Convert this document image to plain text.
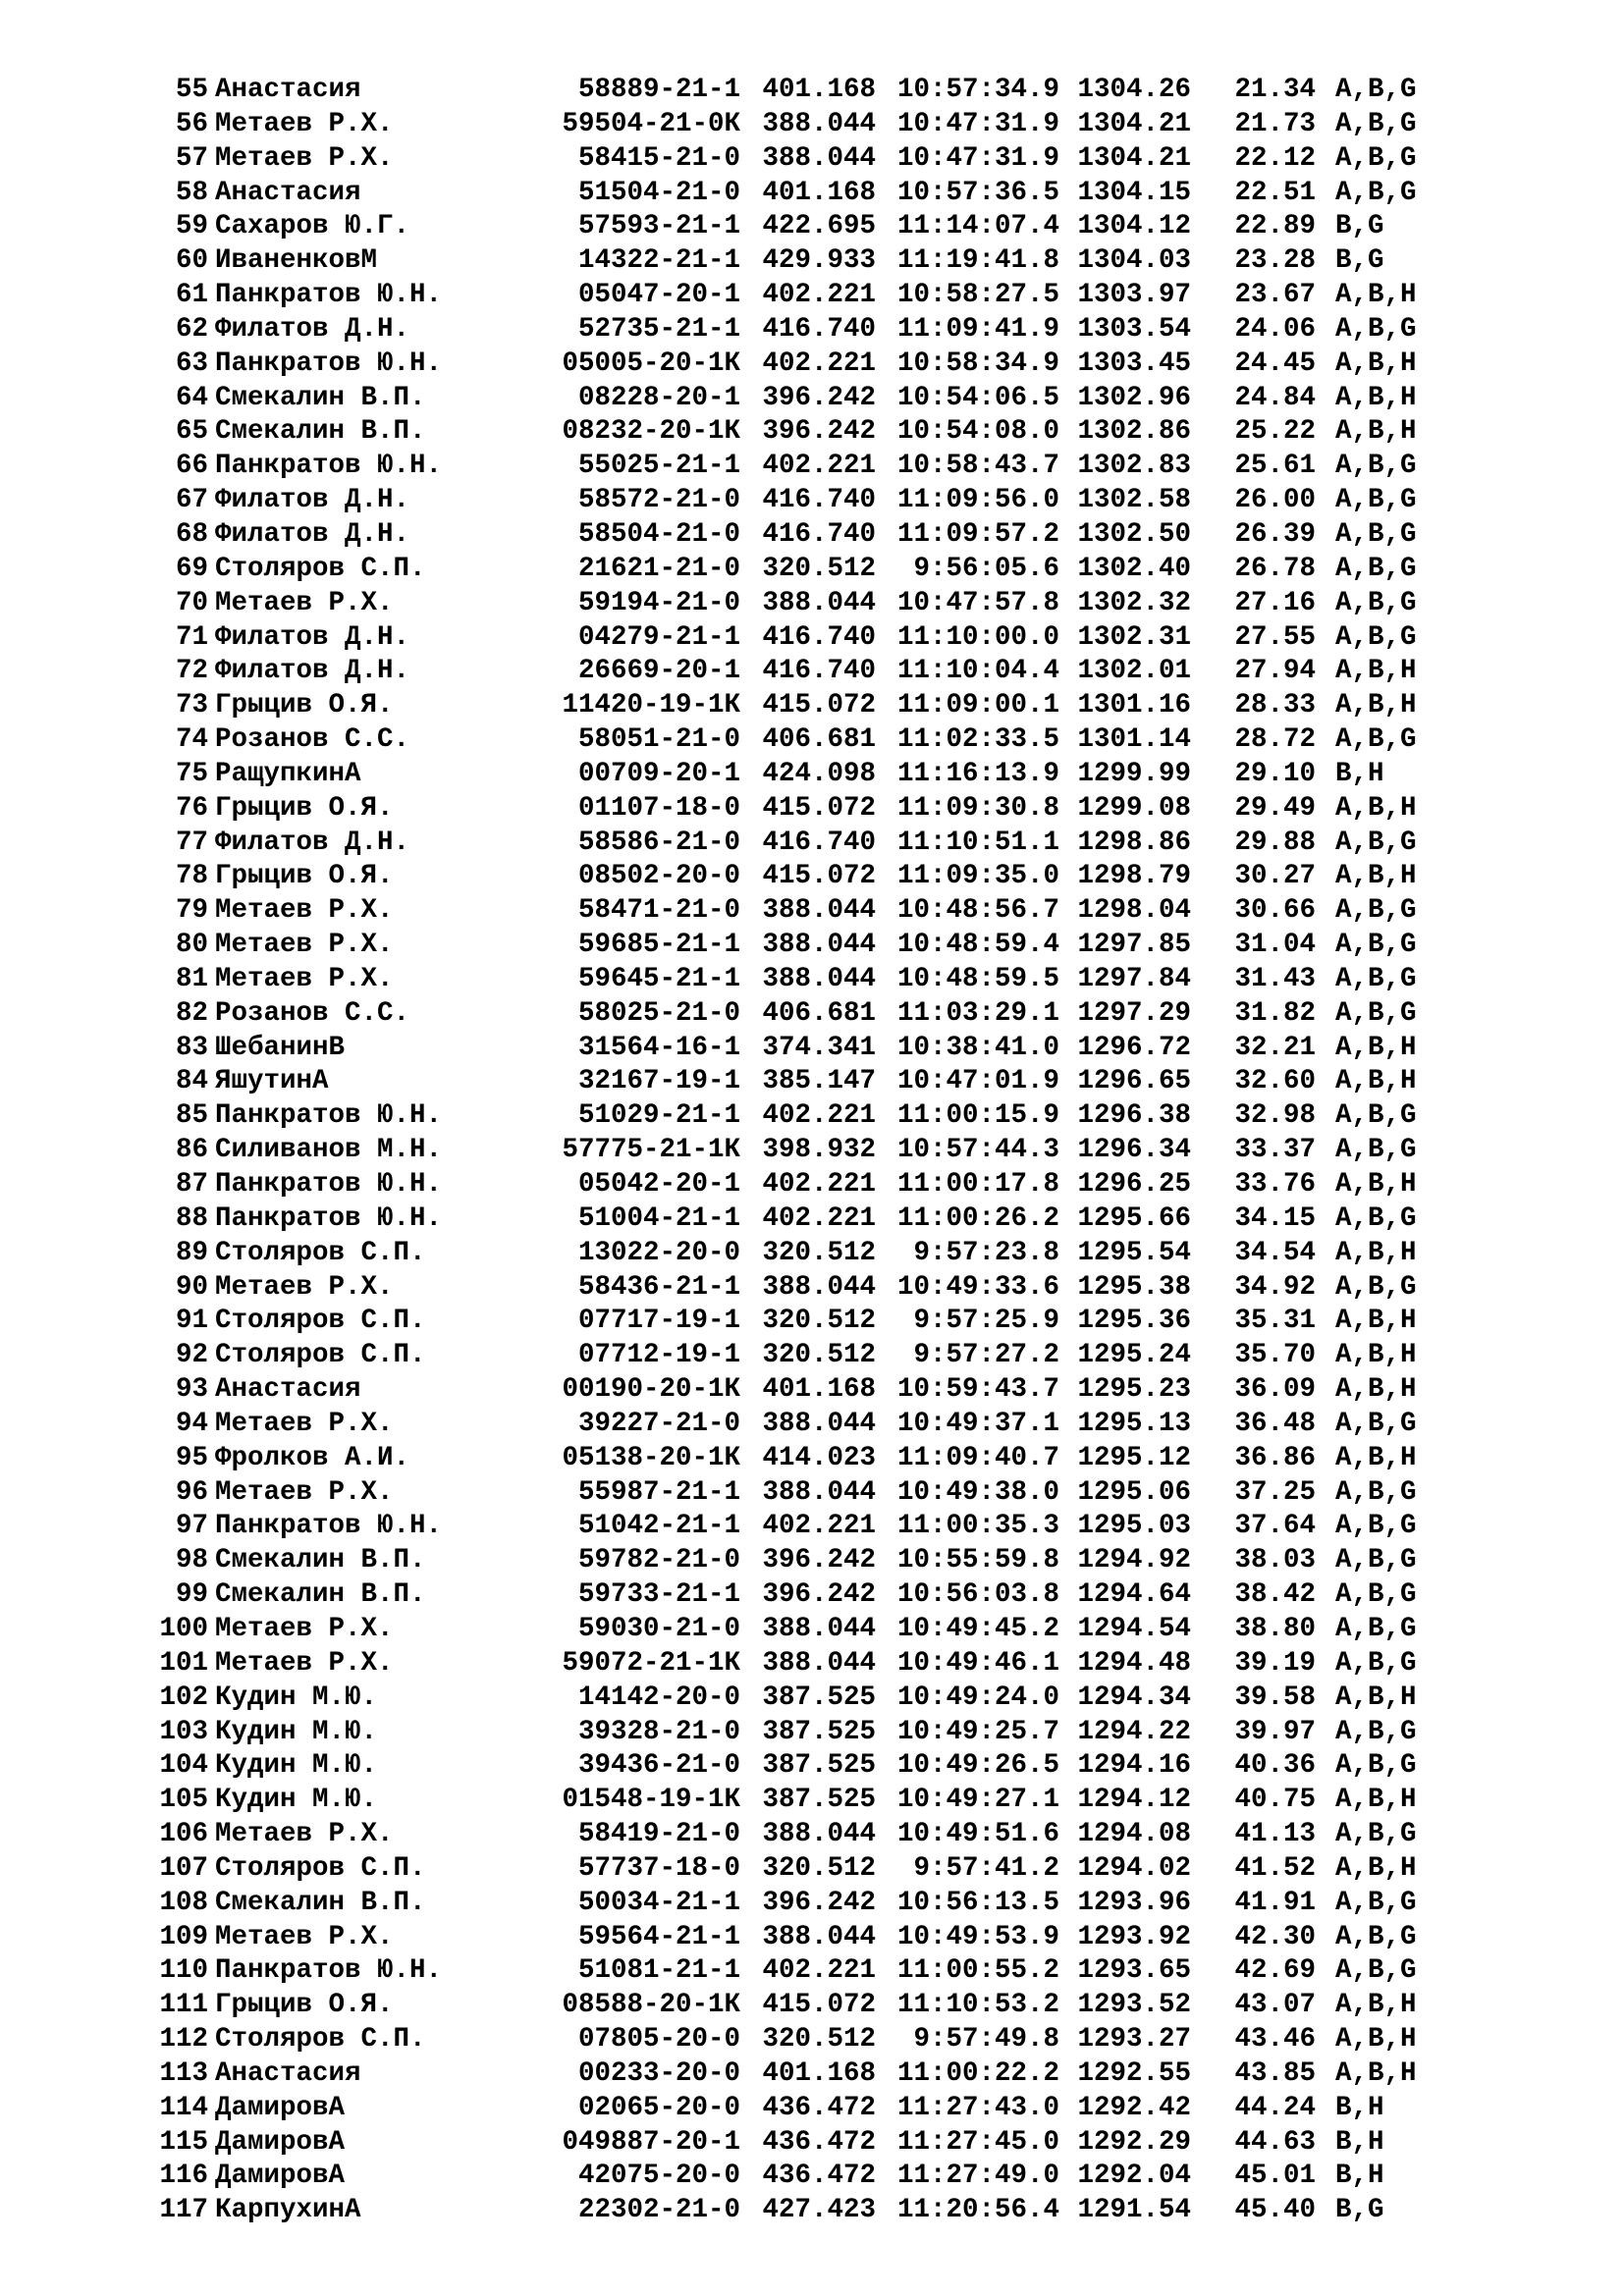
55 Анастасия	58889-21-1 401.168 10:57:34.9 1304.26	21.34 A,B,G
56 Метаев Р.Х.	59504-21-0К 388.044 10:47:31.9 1304.21	21.73 A,B,G
57 Метаев Р.Х.	58415-21-0 388.044 10:47:31.9 1304.21	22.12 A,B,G
58 Анастасия	51504-21-0 401.168 10:57:36.5 1304.15	22.51 A,B,G
59 Сахаров Ю.Г.	57593-21-1 422.695 11:14:07.4 1304.12	22.89 B,G
60 ИваненковМ	14322-21-1 429.933 11:19:41.8 1304.03	23.28 B,G
61 Панкратов Ю.Н.	05047-20-1 402.221 10:58:27.5 1303.97	23.67 A,B,H
62 Филатов Д.Н.	52735-21-1 416.740 11:09:41.9 1303.54	24.06 A,B,G
63 Панкратов Ю.Н.	05005-20-1К 402.221 10:58:34.9 1303.45	24.45 A,B,H
64 Смекалин В.П.	08228-20-1 396.242 10:54:06.5 1302.96	24.84 A,B,H
65 Смекалин В.П.	08232-20-1К 396.242 10:54:08.0 1302.86	25.22 A,B,H
66 Панкратов Ю.Н.	55025-21-1 402.221 10:58:43.7 1302.83	25.61 A,B,G
67 Филатов Д.Н.	58572-21-0 416.740 11:09:56.0 1302.58	26.00 A,B,G
68 Филатов Д.Н.	58504-21-0 416.740 11:09:57.2 1302.50	26.39 A,B,G
69 Столяров С.П.	21621-21-0 320.512	9:56:05.6 1302.40	26.78 A,B,G
70 Метаев Р.Х.	59194-21-0 388.044 10:47:57.8 1302.32	27.16 A,B,G
71 Филатов Д.Н.	04279-21-1 416.740 11:10:00.0 1302.31	27.55 A,B,G
72 Филатов Д.Н.	26669-20-1 416.740 11:10:04.4 1302.01	27.94 A,B,H
73 Грыцив О.Я.	11420-19-1К 415.072 11:09:00.1 1301.16	28.33 A,B,H
74 Розанов С.С.	58051-21-0 406.681 11:02:33.5 1301.14	28.72 A,B,G
75 РащупкинА	00709-20-1 424.098 11:16:13.9 1299.99	29.10 B,H
76 Грыцив О.Я.	01107-18-0 415.072 11:09:30.8 1299.08	29.49 A,B,H
77 Филатов Д.Н.	58586-21-0 416.740 11:10:51.1 1298.86	29.88 A,B,G
78 Грыцив О.Я.	08502-20-0 415.072 11:09:35.0 1298.79	30.27 A,B,H
79 Метаев Р.Х.	58471-21-0 388.044 10:48:56.7 1298.04	30.66 A,B,G
80 Метаев Р.Х.	59685-21-1 388.044 10:48:59.4 1297.85	31.04 A,B,G
81 Метаев Р.Х.	59645-21-1 388.044 10:48:59.5 1297.84	31.43 A,B,G
82 Розанов С.С.	58025-21-0 406.681 11:03:29.1 1297.29	31.82 A,B,G
83 ШебанинВ	31564-16-1 374.341 10:38:41.0 1296.72	32.21 A,B,H
84 ЯшутинА	32167-19-1 385.147 10:47:01.9 1296.65	32.60 A,B,H
85 Панкратов Ю.Н.	51029-21-1 402.221 11:00:15.9 1296.38	32.98 A,B,G
86 Силиванов М.Н.	57775-21-1К 398.932 10:57:44.3 1296.34	33.37 A,B,G
87 Панкратов Ю.Н.	05042-20-1 402.221 11:00:17.8 1296.25	33.76 A,B,H
88 Панкратов Ю.Н.	51004-21-1 402.221 11:00:26.2 1295.66	34.15 A,B,G
89 Столяров С.П.	13022-20-0 320.512	9:57:23.8 1295.54	34.54 A,B,H
90 Метаев Р.Х.	58436-21-1 388.044 10:49:33.6 1295.38	34.92 A,B,G
91 Столяров С.П.	07717-19-1 320.512	9:57:25.9 1295.36	35.31 A,B,H
92 Столяров С.П.	07712-19-1 320.512	9:57:27.2 1295.24	35.70 A,B,H
93 Анастасия	00190-20-1К 401.168 10:59:43.7 1295.23	36.09 A,B,H
94 Метаев Р.Х.	39227-21-0 388.044 10:49:37.1 1295.13	36.48 A,B,G
95 Фролков А.И.	05138-20-1К 414.023 11:09:40.7 1295.12	36.86 A,B,H
96 Метаев Р.Х.	55987-21-1 388.044 10:49:38.0 1295.06	37.25 A,B,G
97 Панкратов Ю.Н.	51042-21-1 402.221 11:00:35.3 1295.03	37.64 A,B,G
98 Смекалин В.П.	59782-21-0 396.242 10:55:59.8 1294.92	38.03 A,B,G
99 Смекалин В.П.	59733-21-1 396.242 10:56:03.8 1294.64	38.42 A,B,G
100 Метаев Р.Х.	59030-21-0 388.044 10:49:45.2 1294.54	38.80 A,B,G
101 Метаев Р.Х.	59072-21-1К 388.044 10:49:46.1 1294.48	39.19 A,B,G
102 Кудин М.Ю.	14142-20-0 387.525 10:49:24.0 1294.34	39.58 A,B,H
103 Кудин М.Ю.	39328-21-0 387.525 10:49:25.7 1294.22	39.97 A,B,G
104 Кудин М.Ю.	39436-21-0 387.525 10:49:26.5 1294.16	40.36 A,B,G
105 Кудин М.Ю.	01548-19-1К 387.525 10:49:27.1 1294.12	40.75 A,B,H
106 Метаев Р.Х.	58419-21-0 388.044 10:49:51.6 1294.08	41.13 A,B,G
107 Столяров С.П.	57737-18-0 320.512	9:57:41.2 1294.02	41.52 A,B,H
108 Смекалин В.П.	50034-21-1 396.242 10:56:13.5 1293.96	41.91 A,B,G
109 Метаев Р.Х.	59564-21-1 388.044 10:49:53.9 1293.92	42.30 A,B,G
110 Панкратов Ю.Н.	51081-21-1 402.221 11:00:55.2 1293.65	42.69 A,B,G
111 Грыцив О.Я.	08588-20-1К 415.072 11:10:53.2 1293.52	43.07 A,B,H
112 Столяров С.П.	07805-20-0 320.512	9:57:49.8 1293.27	43.46 A,B,H
113 Анастасия	00233-20-0 401.168 11:00:22.2 1292.55	43.85 A,B,H
114 ДамировА	02065-20-0 436.472 11:27:43.0 1292.42	44.24 B,H
115 ДамировА	049887-20-1 436.472 11:27:45.0 1292.29	44.63 B,H
116 ДамировА	42075-20-0 436.472 11:27:49.0 1292.04	45.01 B,H
117 КарпухинА	22302-21-0 427.423 11:20:56.4 1291.54	45.40 B,G
